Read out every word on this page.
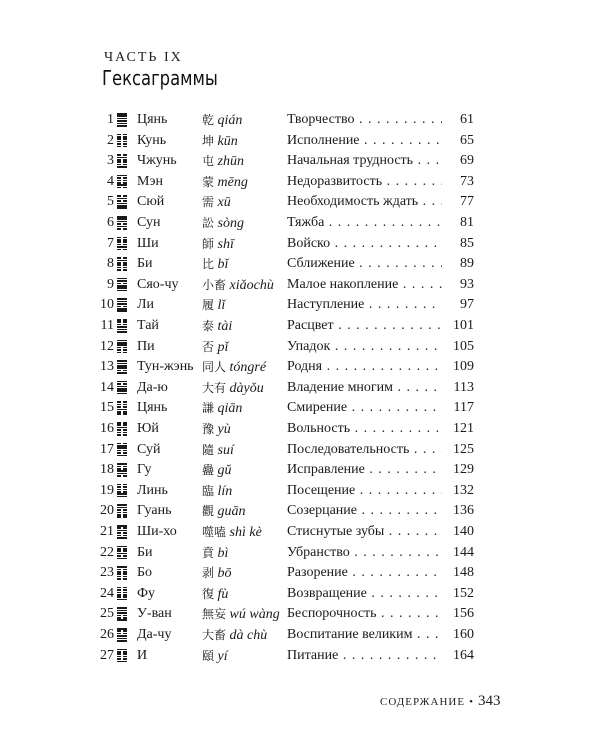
ЧАСТЬ IX
Гексаграммы
1 Цянь	乾 qián	Творчество . . .	61
2 Кунь	坤 kūn	Исполнение . . .	65
3 Чжунь 屯 zhūn	Начальная трудность . . .	69
4 Мэн	蒙 mēng	Недоразвитость . . .	73
5 Сюй	需 xū	Необходимость ждать . . .	77
6 Сун	訟 sòng	Тяжба . . .	81
7 Ши	師 shī	Войско . . .	85
8 Би	比 bǐ	Сближение . . .	89
9 Сяо-чу 小畜 xiǎochù Малое накопление . . .	93
10 Ли	履 lǐ	Наступление . . .	97
11 Тай	泰 tài	Расцвет . . .	101
12 Пи	否 pǐ	Упадок . . .	105
13 Тун-жэнь 同人 tóngré Родня . . .	109
14 Да-ю	大有 dàyǒu Владение многим . . .	113
15 Цянь	謙 qiān	Смирение . . .	117
16 Юй	豫 yù	Вольность . . .	121
17 Суй	隨 suí	Последовательность . . .	125
18 Гу	蠱 gǔ	Исправление . . .	129
19 Линь	臨 lín	Посещение . . .	132
20 Гуань	觀 guān	Созерцание . . .	136
21 Ши-хо 噬嗑 shì kè Стиснутые зубы . . .	140
22 Би	賁 bì	Убранство . . .	144
23 Бо	剥 bō	Разорение . . .	148
24 Фу	復 fù	Возвращение . . .	152
25 У-ван	無妄 wú wàng Беспорочность . . .	156
26 Да-чу	大畜 dà chù Воспитание великим . . .	160
27 И	頤 yí	Питание . . .	164
СОДЕРЖАНИЕ • 343
